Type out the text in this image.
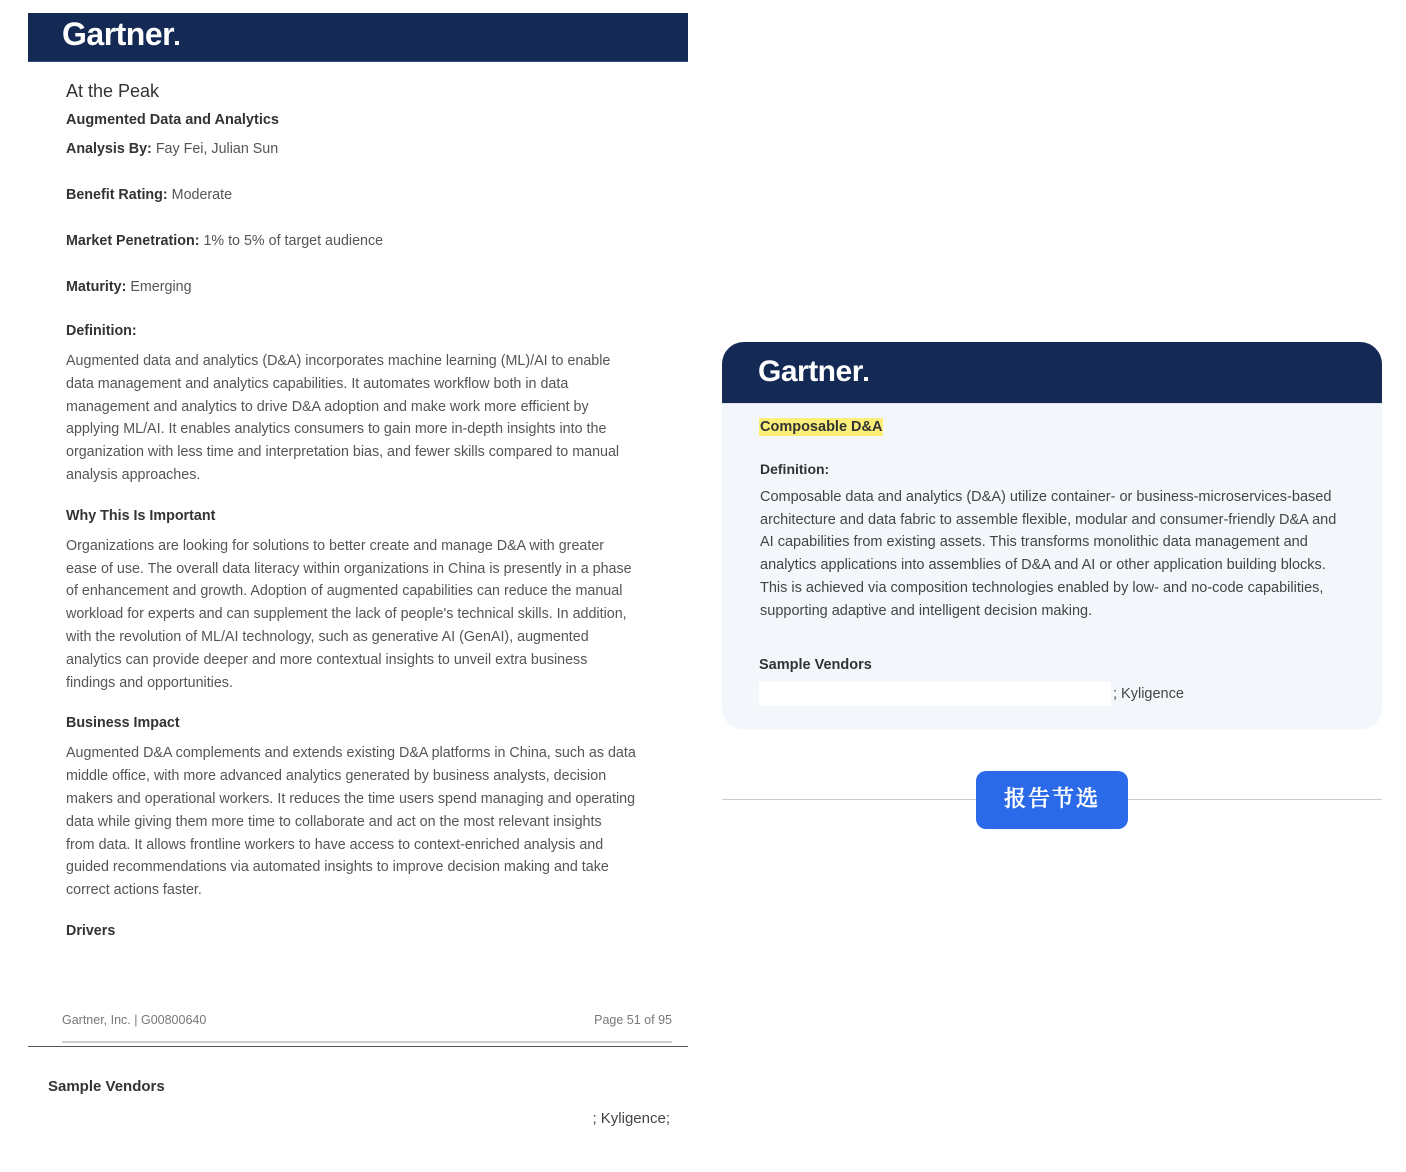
Gartner
At the Peak
Augmented Data and Analytics

Analysis By: Fay Fei, Julian Sun

Benefit Rating: Moderate

Market Penetration: 1% to 5% of target audience

Maturity: Emerging

Definition:
Augmented data and analytics (D&A) incorporates machine learning (ML)/AI to enable
data management and analytics capabilities. It automates workflow both in data
management and analytics to drive D&A adoption and make work more efficient by
applying ML/AI. It enables analytics consumers to gain more in-depth insights into the
organization with less time and interpretation bias, and fewer skills compared to manual
analysis approaches.
Why This Is Important
Organizations are looking for solutions to better create and manage D&A with greater
ease of use. The overall data literacy within organizations in China is presently in a phase
of enhancement and growth. Adoption of augmented capabilities can reduce the manual
workload for experts and can supplement the lack of people's technical skills. In addition,
with the revolution of ML/AI technology, such as generative AI (GenAI), augmented
analytics can provide deeper and more contextual insights to unveil extra business
findings and opportunities.
Business Impact
Augmented D&A complements and extends existing D&A platforms in China, such as data
middle office, with more advanced analytics generated by business analysts, decision
makers and operational workers. It reduces the time users spend managing and operating
data while giving them more time to collaborate and act on the most relevant insights
from data. It allows frontline workers to have access to context-enriched analysis and
guided recommendations via automated insights to improve decision making and take
correct actions faster.
Drivers
Gartner, Inc. | G00800640	Page 51 of 95
Sample Vendors
; Kyligence;
Gartner
Composable D&A
Definition:
Composable data and analytics (D&A) utilize container- or business-microservices-based
architecture and data fabric to assemble flexible, modular and consumer-friendly D&A and
AI capabilities from existing assets. This transforms monolithic data management and
analytics applications into assemblies of D&A and AI or other application building blocks.
This is achieved via composition technologies enabled by low- and no-code capabilities,
supporting adaptive and intelligent decision making.
Sample Vendors
; Kyligence
报告节选
